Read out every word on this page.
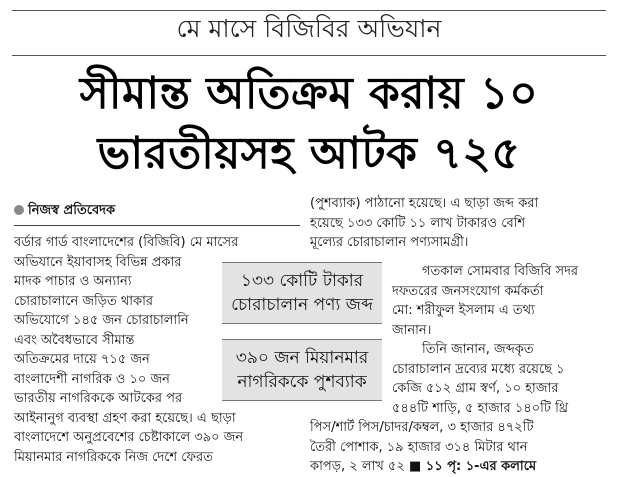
মে মাসে বিজিবির অভিযান
সীমান্ত অতিক্রম করায় ১০
ভারতীয়সহ আটক ৭২৫
নিজস্ব প্রতিবেদক

বর্ডার গার্ড বাংলাদেশের (বিজিবি) মে মাসের

অভিযানে ইয়াবাসহ বিভিন্ন প্রকার

মাদক পাচার ও অন্যান্য

চোরাচালানে জড়িত থাকার

অভিযোগে ১৪৫ জন চোরাচালানি

এবং অবৈধভাবে সীমান্ত

অতিক্রমের দায়ে ৭১৫ জন

বাংলাদেশী নাগরিক ও ১০ জন

ভারতীয় নাগরিককে আটকের পর

আইনানুগ ব্যবস্থা গ্রহণ করা হয়েছে। এ ছাড়া

বাংলাদেশে অনুপ্রবেশের চেষ্টাকালে ৩৯০ জন

মিয়ানমার নাগরিককে নিজ দেশে ফেরত

১৩৩ কোটি টাকার
চোরাচালান পণ্য জব্দ
৩৯০ জন মিয়ানমার
নাগরিককে পুশব্যাক

(পুশব্যাক) পাঠানো হয়েছে। এ ছাড়া জব্দ করা

হয়েছে ১৩৩ কোটি ১১ লাখ টাকারও বেশি

মূল্যের চোরাচালান পণ্যসামগ্রী।

গতকাল সোমবার বিজিবি সদর

দফতরের জনসংযোগ কর্মকর্তা

মো: শরীফুল ইসলাম এ তথ্য

জানান।

তিনি জানান, জব্দকৃত

চোরাচালান দ্রব্যের মধ্যে রয়েছে ১

কেজি ৫১২ গ্রাম স্বর্ণ, ১০ হাজার

৫৪৪টি শাড়ি, ৫ হাজার ১৪০টি থ্রি

পিস/শার্ট পিস/চাদর/কম্বল, ৩ হাজার ৪৭২টি

তৈরী পোশাক, ১৯ হাজার ৩১৪ মিটার থান

কাপড়, ২ লাখ ৫২ ■ ১১ পৃ: ১-এর কলামে
